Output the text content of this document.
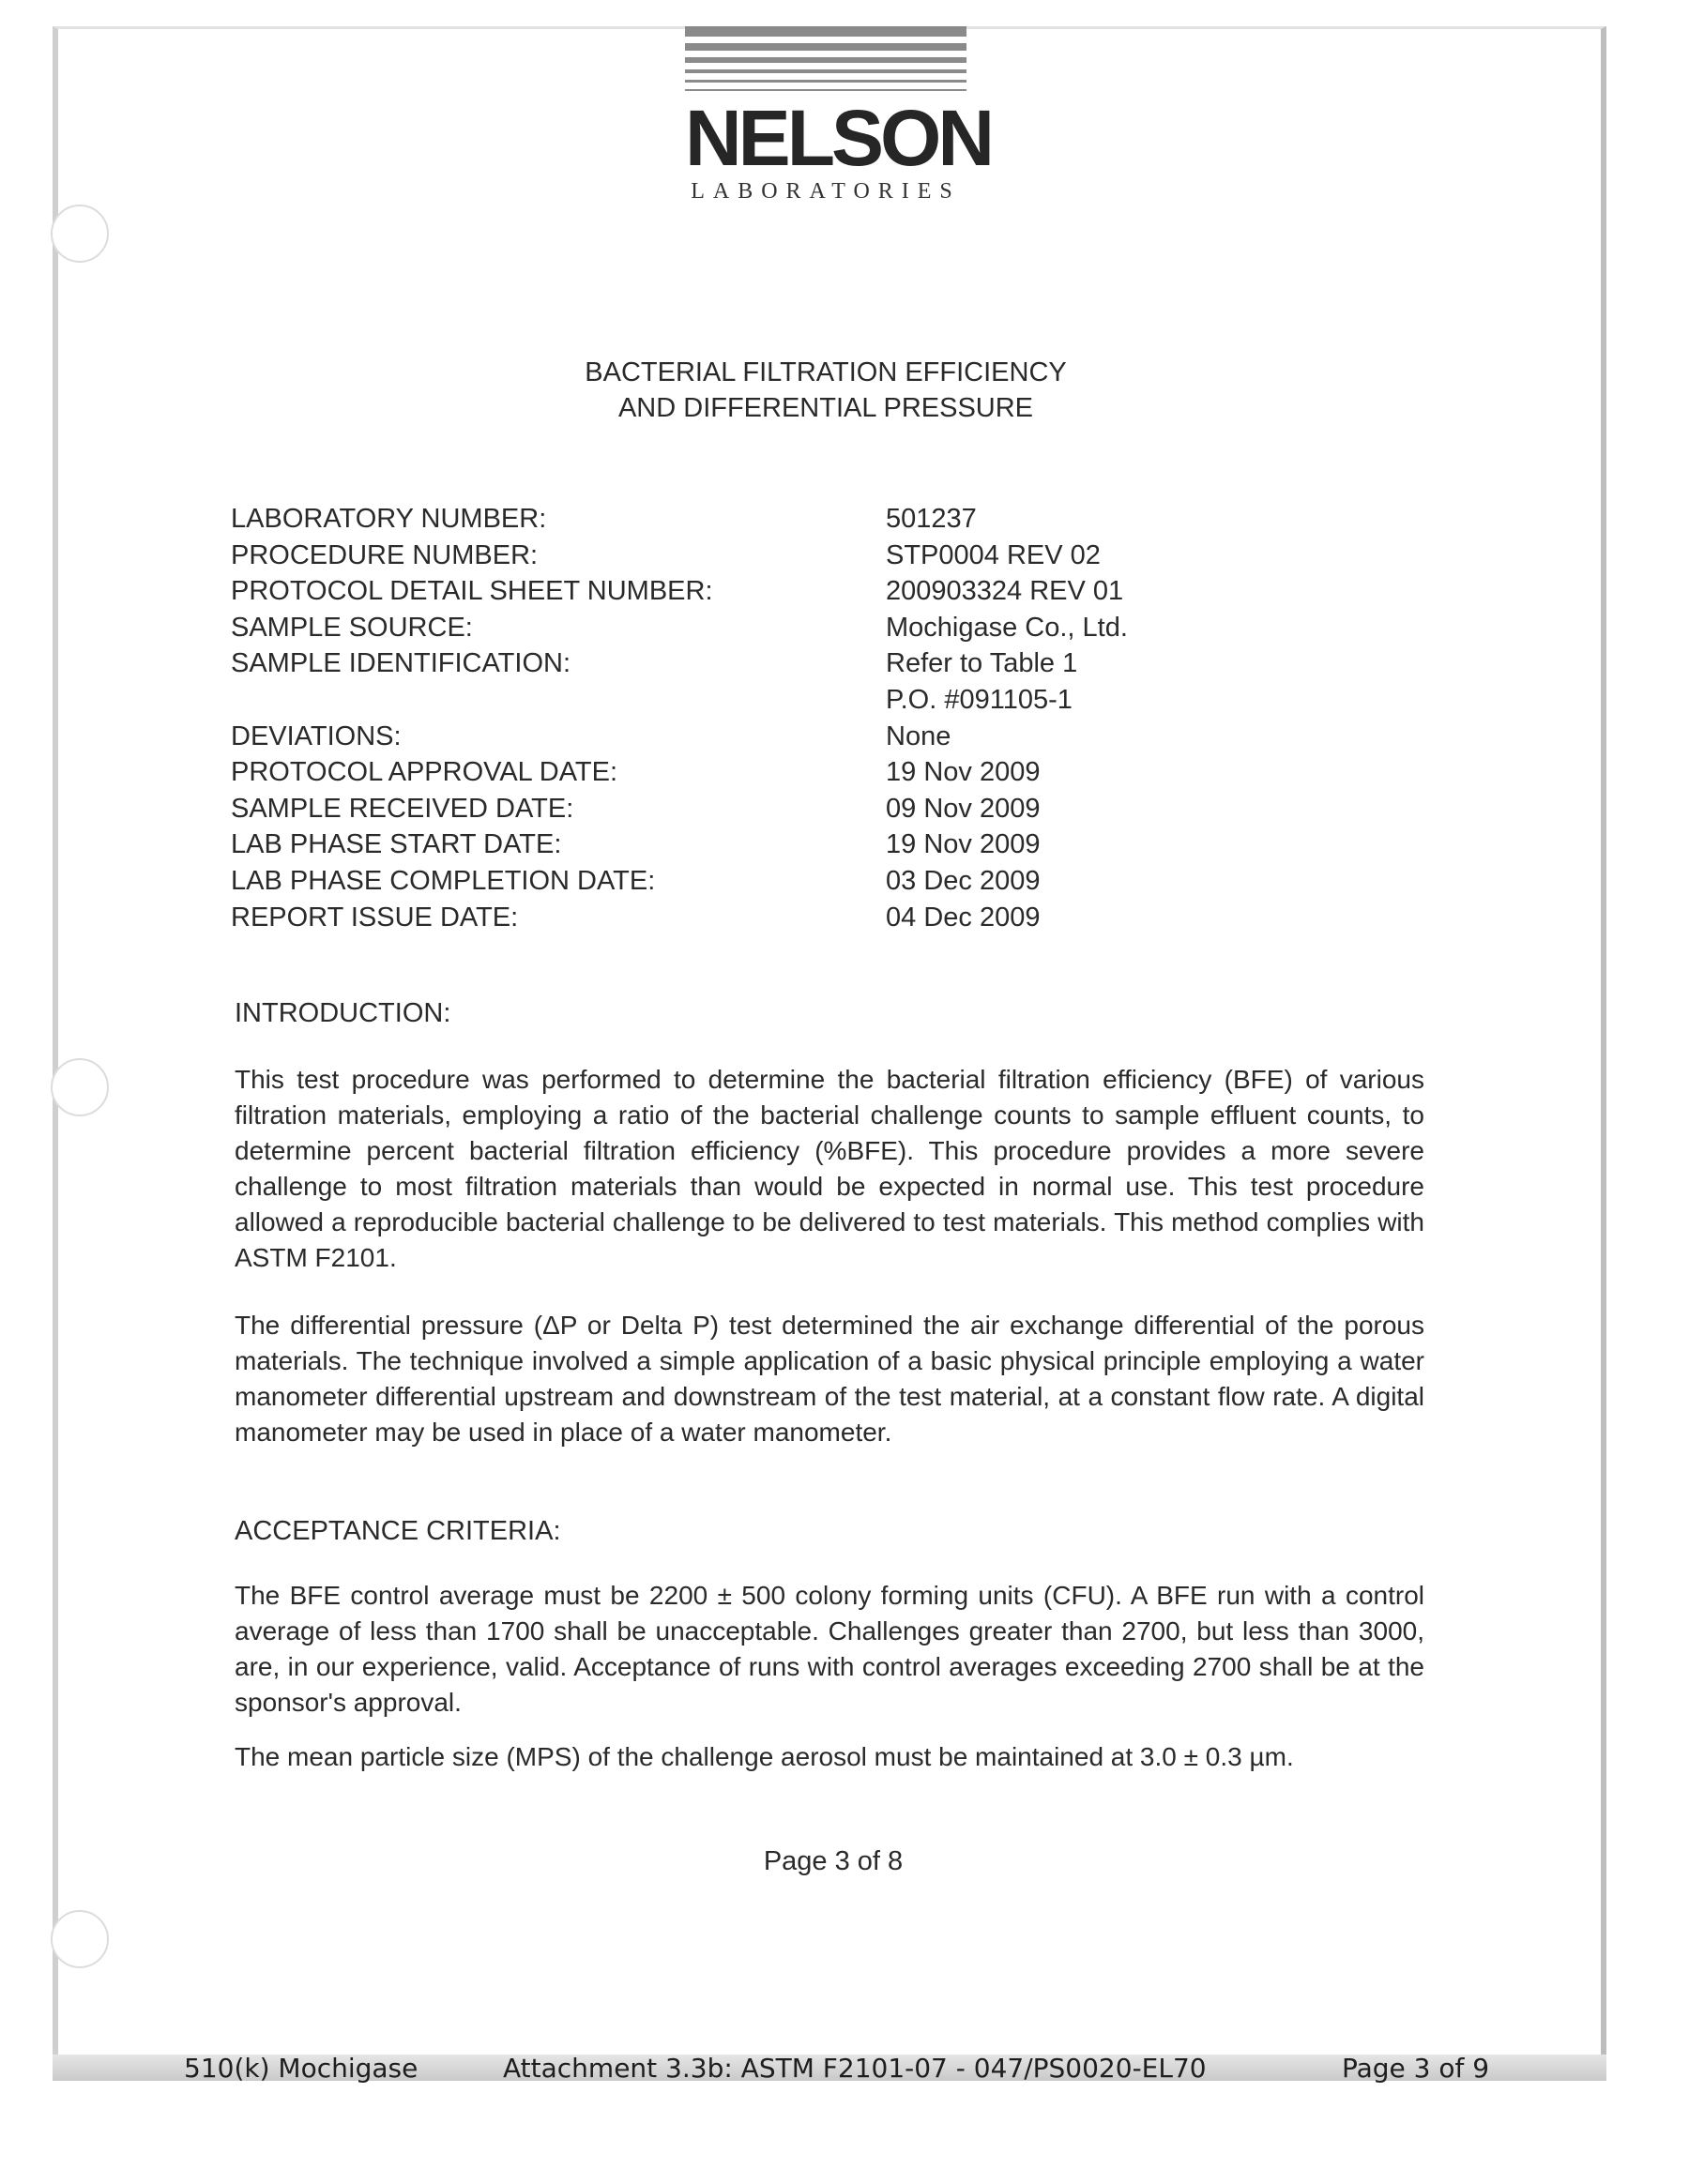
NELSON
LABORATORIES
BACTERIAL FILTRATION EFFICIENCY
AND DIFFERENTIAL PRESSURE
LABORATORY NUMBER:	501237
PROCEDURE NUMBER:	STP0004 REV 02
PROTOCOL DETAIL SHEET NUMBER:	200903324 REV 01
SAMPLE SOURCE:	Mochigase Co., Ltd.
SAMPLE IDENTIFICATION:	Refer to Table 1
P.O. #091105-1
DEVIATIONS:	None
PROTOCOL APPROVAL DATE:	19 Nov 2009
SAMPLE RECEIVED DATE:	09 Nov 2009
LAB PHASE START DATE:	19 Nov 2009
LAB PHASE COMPLETION DATE:	03 Dec 2009
REPORT ISSUE DATE:	04 Dec 2009
INTRODUCTION:

This test procedure was performed to determine the bacterial filtration efficiency (BFE) of various filtration materials, employing a ratio of the bacterial challenge counts to sample effluent counts, to determine percent bacterial filtration efficiency (%BFE). This procedure provides a more severe challenge to most filtration materials than would be expected in normal use. This test procedure allowed a reproducible bacterial challenge to be delivered to test materials. This method complies with ASTM F2101.

The differential pressure (ΔP or Delta P) test determined the air exchange differential of the porous materials. The technique involved a simple application of a basic physical principle employing a water manometer differential upstream and downstream of the test material, at a constant flow rate. A digital manometer may be used in place of a water manometer.

ACCEPTANCE CRITERIA:

The BFE control average must be 2200 ± 500 colony forming units (CFU). A BFE run with a control average of less than 1700 shall be unacceptable. Challenges greater than 2700, but less than 3000, are, in our experience, valid. Acceptance of runs with control averages exceeding 2700 shall be at the sponsor's approval.

The mean particle size (MPS) of the challenge aerosol must be maintained at 3.0 ± 0.3 µm.

Page 3 of 8
510(k) Mochigase	Attachment 3.3b: ASTM F2101-07 - 047/PS0020-EL70	Page 3 of 9
